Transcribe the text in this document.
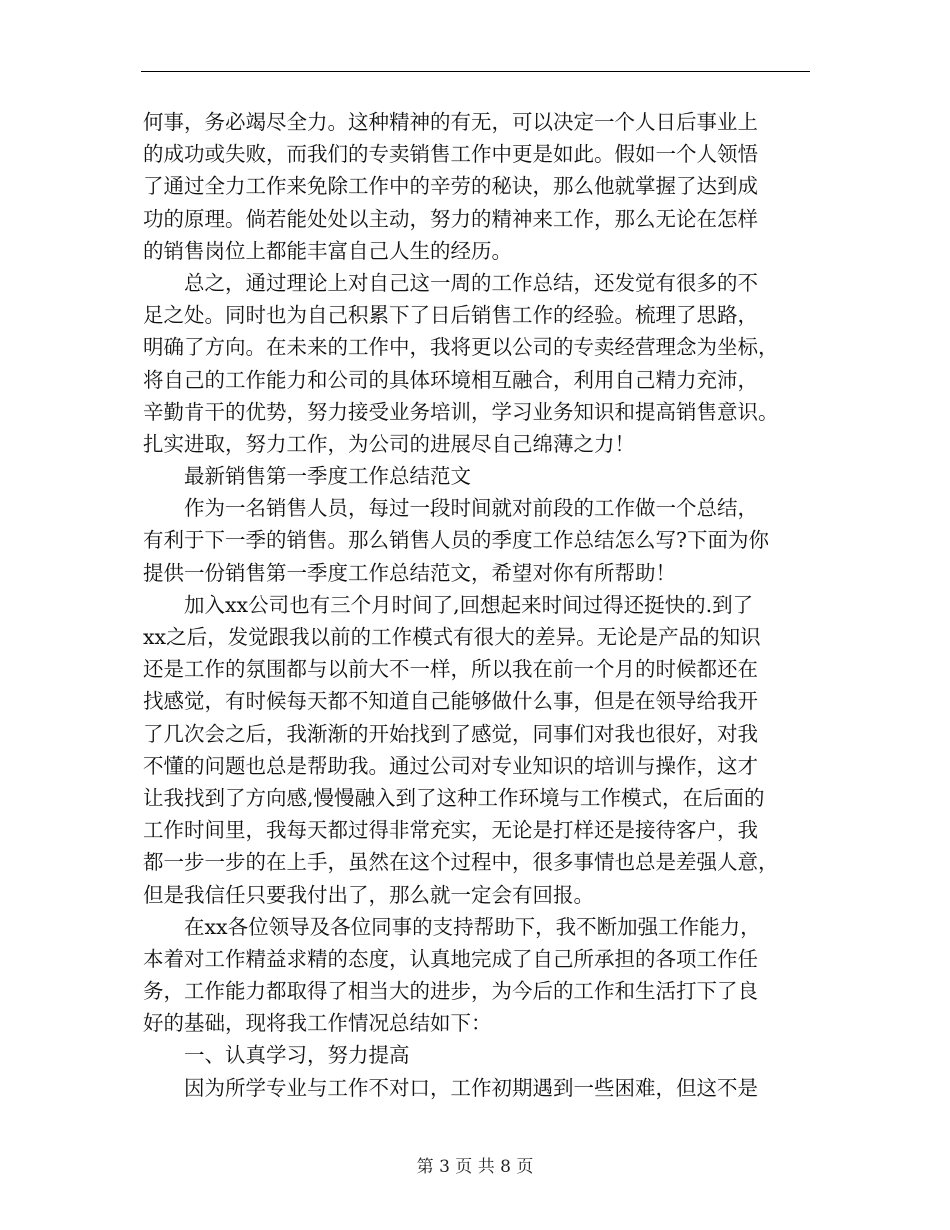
何事，务必竭尽全力。这种精神的有无，可以决定一个人日后事业上
的成功或失败，而我们的专卖销售工作中更是如此。假如一个人领悟
了通过全力工作来免除工作中的辛劳的秘诀，那么他就掌握了达到成
功的原理。倘若能处处以主动，努力的精神来工作，那么无论在怎样
的销售岗位上都能丰富自己人生的经历。
　　总之，通过理论上对自己这一周的工作总结，还发觉有很多的不
足之处。同时也为自己积累下了日后销售工作的经验。梳理了思路，
明确了方向。在未来的工作中，我将更以公司的专卖经营理念为坐标，
将自己的工作能力和公司的具体环境相互融合，利用自己精力充沛，
辛勤肯干的优势，努力接受业务培训，学习业务知识和提高销售意识。
扎实进取，努力工作，为公司的进展尽自己绵薄之力！
　　最新销售第一季度工作总结范文
　　作为一名销售人员，每过一段时间就对前段的工作做一个总结，
有利于下一季的销售。那么销售人员的季度工作总结怎么写?下面为你
提供一份销售第一季度工作总结范文，希望对你有所帮助！
　　加入xx公司也有三个月时间了,回想起来时间过得还挺快的.到了
xx之后，发觉跟我以前的工作模式有很大的差异。无论是产品的知识
还是工作的氛围都与以前大不一样，所以我在前一个月的时候都还在
找感觉，有时候每天都不知道自己能够做什么事，但是在领导给我开
了几次会之后，我渐渐的开始找到了感觉，同事们对我也很好，对我
不懂的问题也总是帮助我。通过公司对专业知识的培训与操作，这才
让我找到了方向感,慢慢融入到了这种工作环境与工作模式，在后面的
工作时间里，我每天都过得非常充实，无论是打样还是接待客户，我
都一步一步的在上手，虽然在这个过程中，很多事情也总是差强人意，
但是我信任只要我付出了，那么就一定会有回报。
　　在xx各位领导及各位同事的支持帮助下，我不断加强工作能力，
本着对工作精益求精的态度，认真地完成了自己所承担的各项工作任
务，工作能力都取得了相当大的进步，为今后的工作和生活打下了良
好的基础，现将我工作情况总结如下：
　　一、认真学习，努力提高
　　因为所学专业与工作不对口，工作初期遇到一些困难，但这不是
第 3 页 共 8 页
